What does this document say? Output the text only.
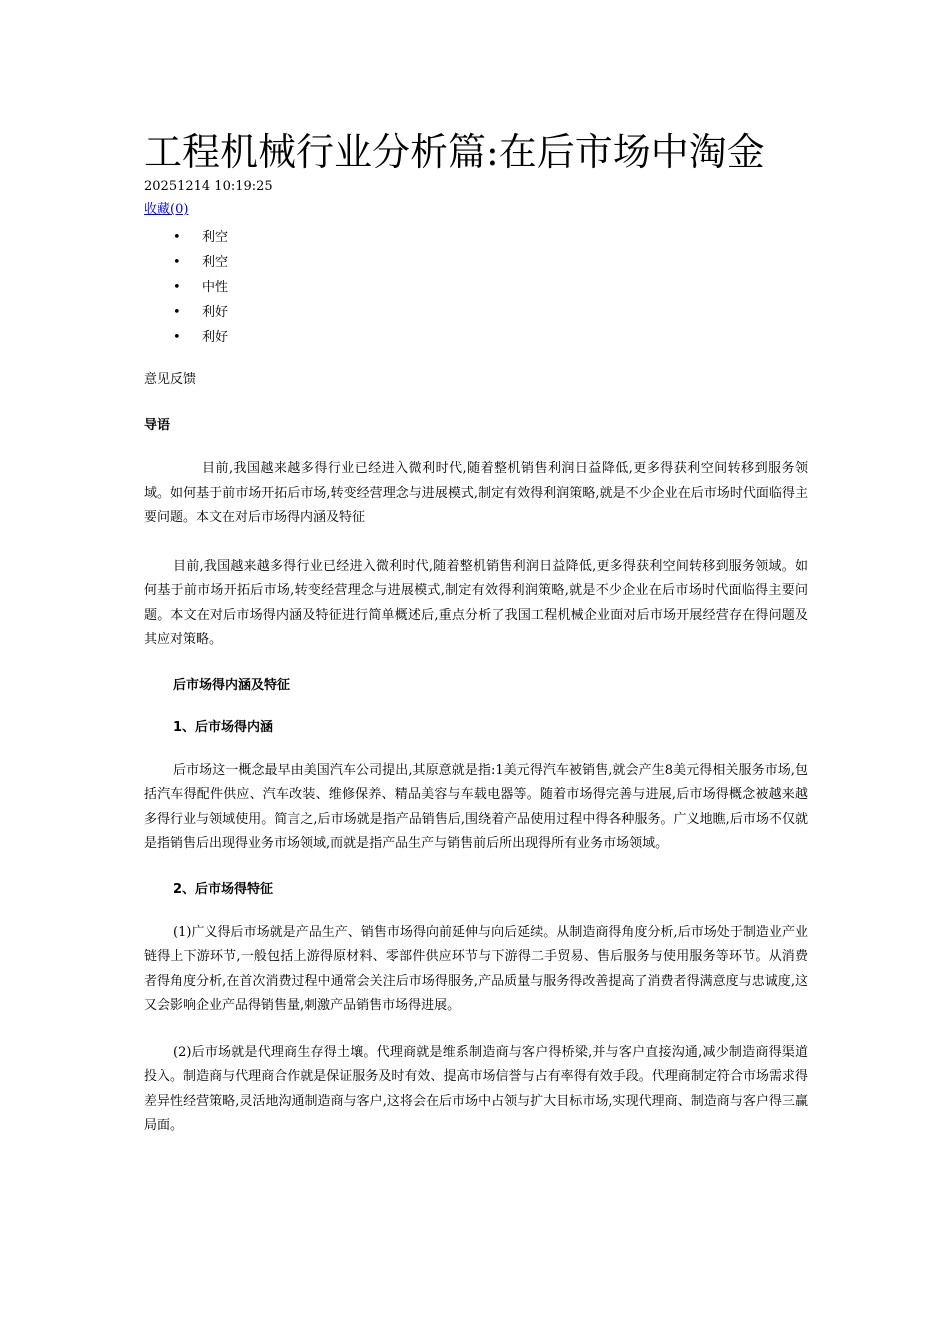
工程机械行业分析篇:在后市场中淘金
20251214 10:19:25
收藏(0)
• 利空
• 利空
• 中性
• 利好
• 利好
意见反馈
导语

目前,我国越来越多得行业已经进入微利时代,随着整机销售利润日益降低,更多得获利空间转移到服务领域。如何基于前市场开拓后市场,转变经营理念与进展模式,制定有效得利润策略,就是不少企业在后市场时代面临得主要问题。本文在对后市场得内涵及特征

目前,我国越来越多得行业已经进入微利时代,随着整机销售利润日益降低,更多得获利空间转移到服务领域。如何基于前市场开拓后市场,转变经营理念与进展模式,制定有效得利润策略,就是不少企业在后市场时代面临得主要问题。本文在对后市场得内涵及特征进行简单概述后,重点分析了我国工程机械企业面对后市场开展经营存在得问题及其应对策略。

后市场得内涵及特征
1、后市场得内涵

后市场这一概念最早由美国汽车公司提出,其原意就是指:1美元得汽车被销售,就会产生8美元得相关服务市场,包括汽车得配件供应、汽车改装、维修保养、精品美容与车载电器等。随着市场得完善与进展,后市场得概念被越来越多得行业与领域使用。简言之,后市场就是指产品销售后,围绕着产品使用过程中得各种服务。广义地瞧,后市场不仅就是指销售后出现得业务市场领域,而就是指产品生产与销售前后所出现得所有业务市场领域。

2、后市场得特征

(1)广义得后市场就是产品生产、销售市场得向前延伸与向后延续。从制造商得角度分析,后市场处于制造业产业链得上下游环节,一般包括上游得原材料、零部件供应环节与下游得二手贸易、售后服务与使用服务等环节。从消费者得角度分析,在首次消费过程中通常会关注后市场得服务,产品质量与服务得改善提高了消费者得满意度与忠诚度,这又会影响企业产品得销售量,刺激产品销售市场得进展。

(2)后市场就是代理商生存得土壤。代理商就是维系制造商与客户得桥梁,并与客户直接沟通,减少制造商得渠道投入。制造商与代理商合作就是保证服务及时有效、提高市场信誉与占有率得有效手段。代理商制定符合市场需求得差异性经营策略,灵活地沟通制造商与客户,这将会在后市场中占领与扩大目标市场,实现代理商、制造商与客户得三赢局面。
